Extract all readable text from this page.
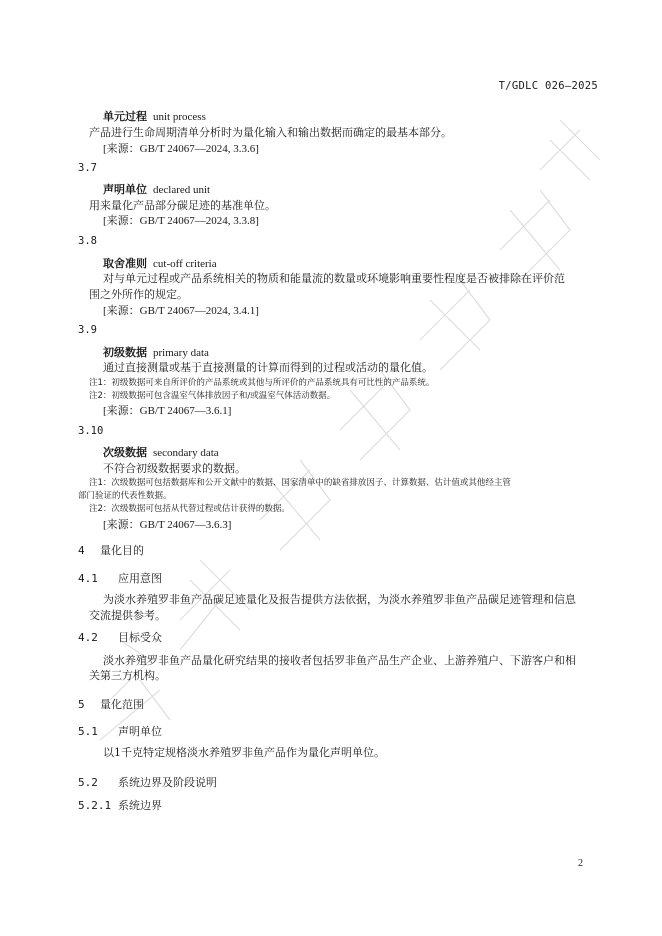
T/GDLC 026—2025
单元过程 unit process
产品进行生命周期清单分析时为量化输入和输出数据而确定的最基本部分。
[来源：GB/T 24067—2024, 3.3.6]
3.7
声明单位 declared unit
用来量化产品部分碳足迹的基准单位。
[来源：GB/T 24067—2024, 3.3.8]
3.8
取舍准则 cut-off criteria
对与单元过程或产品系统相关的物质和能量流的数量或环境影响重要性程度是否被排除在评价范
围之外所作的规定。
[来源：GB/T 24067—2024, 3.4.1]
3.9
初级数据 primary data
通过直接测量或基于直接测量的计算而得到的过程或活动的量化值。
注1：初级数据可来自所评价的产品系统或其他与所评价的产品系统具有可比性的产品系统。
注2：初级数据可包含温室气体排放因子和/或温室气体活动数据。
[来源：GB/T 24067—3.6.1]
3.10
次级数据 secondary data
不符合初级数据要求的数据。
注1：次级数据可包括数据库和公开文献中的数据、国家清单中的缺省排放因子、计算数据、估计值或其他经主管
部门验证的代表性数据。
注2：次级数据可包括从代替过程或估计获得的数据。
[来源：GB/T 24067—3.6.3]
4 量化目的
4.1 应用意图
为淡水养殖罗非鱼产品碳足迹量化及报告提供方法依据，为淡水养殖罗非鱼产品碳足迹管理和信息
交流提供参考。
4.2 目标受众
淡水养殖罗非鱼产品量化研究结果的接收者包括罗非鱼产品生产企业、上游养殖户、下游客户和相
关第三方机构。
5 量化范围
5.1 声明单位
以1千克特定规格淡水养殖罗非鱼产品作为量化声明单位。
5.2 系统边界及阶段说明
5.2.1 系统边界
2
